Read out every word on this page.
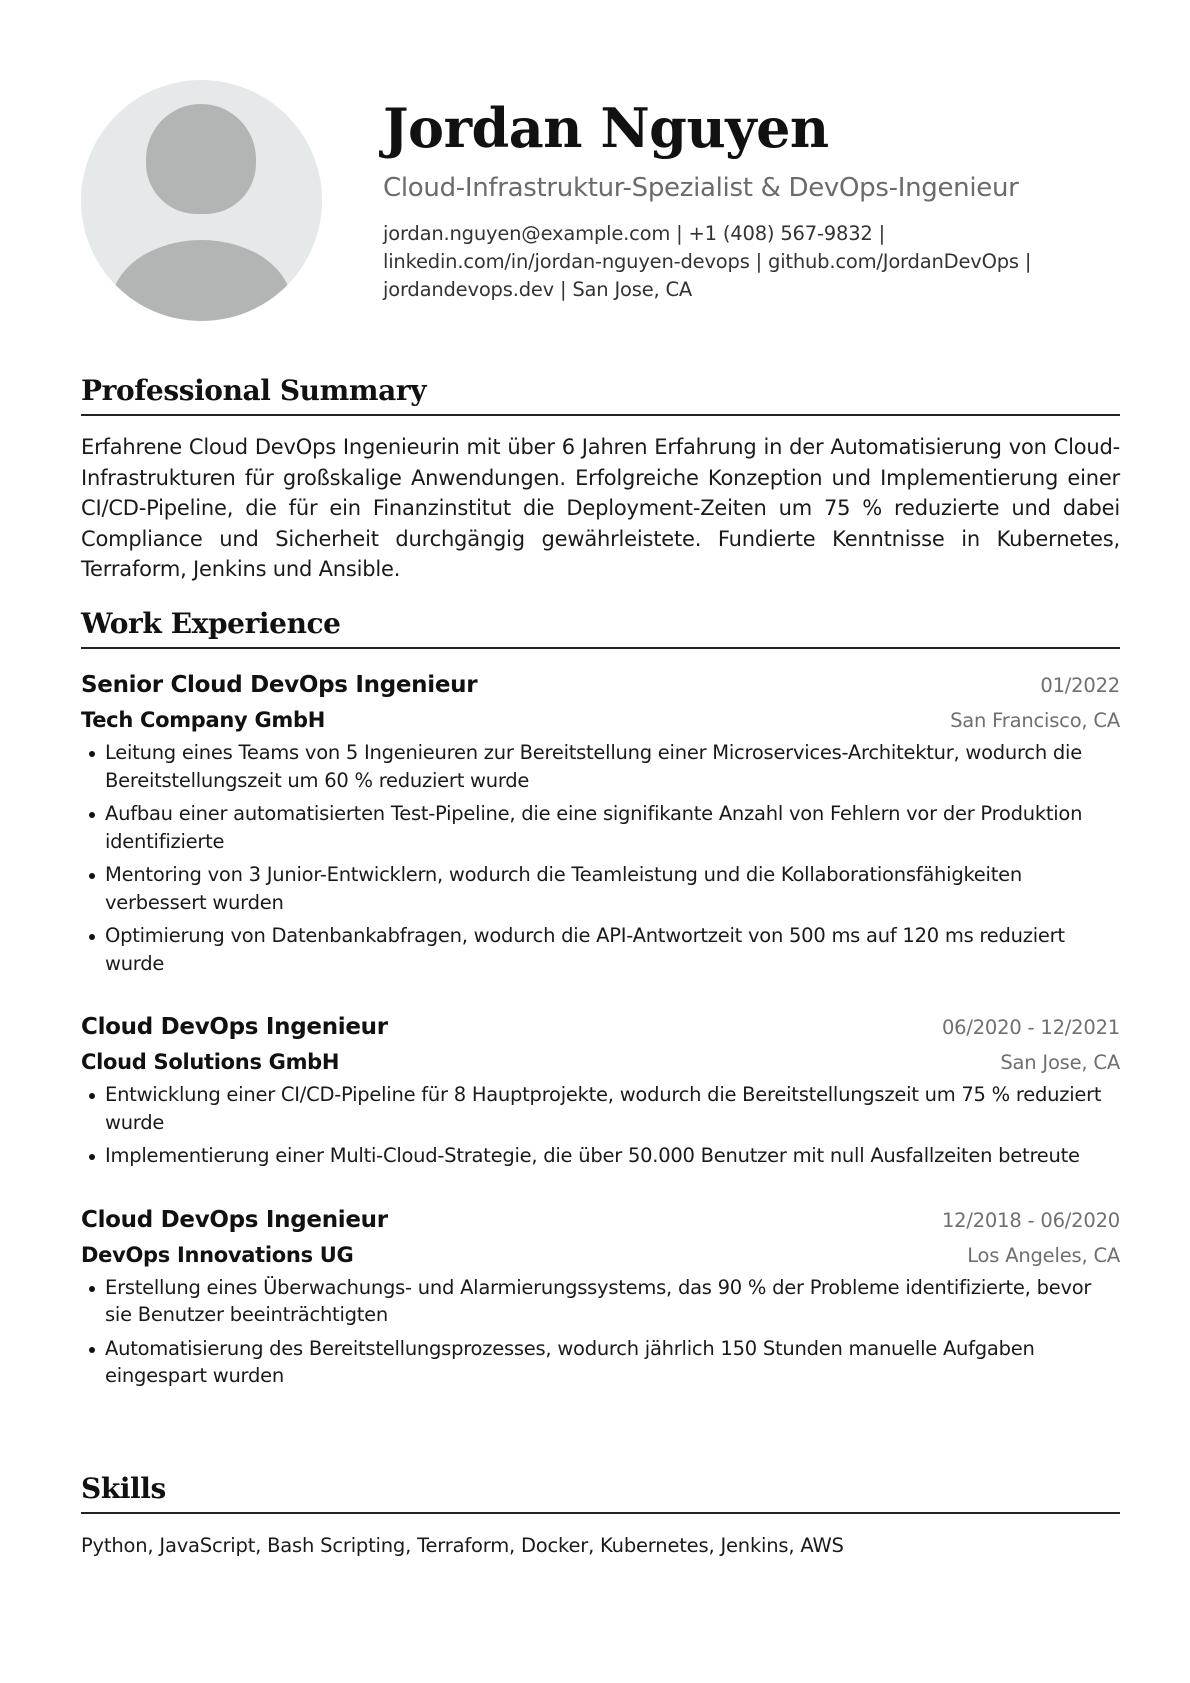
Jordan Nguyen
Cloud-Infrastruktur-Spezialist & DevOps-Ingenieur
jordan.nguyen@example.com | +1 (408) 567-9832 |
linkedin.com/in/jordan-nguyen-devops | github.com/JordanDevOps |
jordandevops.dev | San Jose, CA
Professional Summary
Erfahrene Cloud DevOps Ingenieurin mit über 6 Jahren Erfahrung in der Automatisierung von Cloud-Infrastrukturen für großskalige Anwendungen. Erfolgreiche Konzeption und Implementierung einer CI/CD-Pipeline, die für ein Finanzinstitut die Deployment-Zeiten um 75 % reduzierte und dabei Compliance und Sicherheit durchgängig gewährleistete. Fundierte Kenntnisse in Kubernetes, Terraform, Jenkins und Ansible.
Work Experience
Senior Cloud DevOps Ingenieur	01/2022
Tech Company GmbH	San Francisco, CA
Leitung eines Teams von 5 Ingenieuren zur Bereitstellung einer Microservices-Architektur, wodurch die Bereitstellungszeit um 60 % reduziert wurde
Aufbau einer automatisierten Test-Pipeline, die eine signifikante Anzahl von Fehlern vor der Produktion identifizierte
Mentoring von 3 Junior-Entwicklern, wodurch die Teamleistung und die Kollaborationsfähigkeiten verbessert wurden
Optimierung von Datenbankabfragen, wodurch die API-Antwortzeit von 500 ms auf 120 ms reduziert wurde
Cloud DevOps Ingenieur	06/2020 - 12/2021
Cloud Solutions GmbH	San Jose, CA
Entwicklung einer CI/CD-Pipeline für 8 Hauptprojekte, wodurch die Bereitstellungszeit um 75 % reduziert wurde
Implementierung einer Multi-Cloud-Strategie, die über 50.000 Benutzer mit null Ausfallzeiten betreute
Cloud DevOps Ingenieur	12/2018 - 06/2020
DevOps Innovations UG	Los Angeles, CA
Erstellung eines Überwachungs- und Alarmierungssystems, das 90 % der Probleme identifizierte, bevor sie Benutzer beeinträchtigten
Automatisierung des Bereitstellungsprozesses, wodurch jährlich 150 Stunden manuelle Aufgaben eingespart wurden
Skills
Python, JavaScript, Bash Scripting, Terraform, Docker, Kubernetes, Jenkins, AWS
